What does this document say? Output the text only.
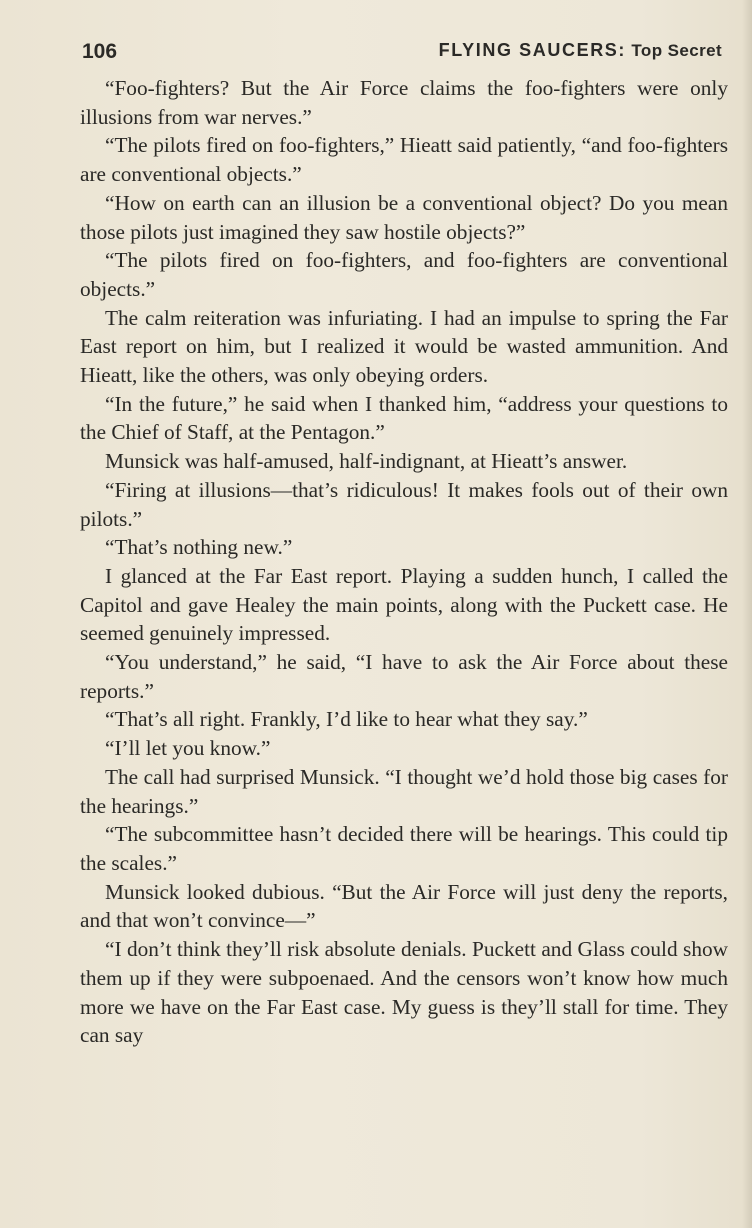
106	FLYING SAUCERS: Top Secret

“Foo-fighters? But the Air Force claims the foo-fighters were only illusions from war nerves.”

“The pilots fired on foo-fighters,” Hieatt said patiently, “and foo-fighters are conventional objects.”

“How on earth can an illusion be a conventional object? Do you mean those pilots just imagined they saw hostile objects?”

“The pilots fired on foo-fighters, and foo-fighters are conventional objects.”

The calm reiteration was infuriating. I had an impulse to spring the Far East report on him, but I realized it would be wasted ammunition. And Hieatt, like the others, was only obeying orders.

“In the future,” he said when I thanked him, “address your questions to the Chief of Staff, at the Pentagon.”

Munsick was half-amused, half-indignant, at Hieatt’s answer.

“Firing at illusions—that’s ridiculous! It makes fools out of their own pilots.”

“That’s nothing new.”

I glanced at the Far East report. Playing a sudden hunch, I called the Capitol and gave Healey the main points, along with the Puckett case. He seemed genuinely impressed.

“You understand,” he said, “I have to ask the Air Force about these reports.”

“That’s all right. Frankly, I’d like to hear what they say.”

“I’ll let you know.”

The call had surprised Munsick. “I thought we’d hold those big cases for the hearings.”

“The subcommittee hasn’t decided there will be hearings. This could tip the scales.”

Munsick looked dubious. “But the Air Force will just deny the reports, and that won’t convince—”

“I don’t think they’ll risk absolute denials. Puckett and Glass could show them up if they were subpoenaed. And the censors won’t know how much more we have on the Far East case. My guess is they’ll stall for time. They can say
